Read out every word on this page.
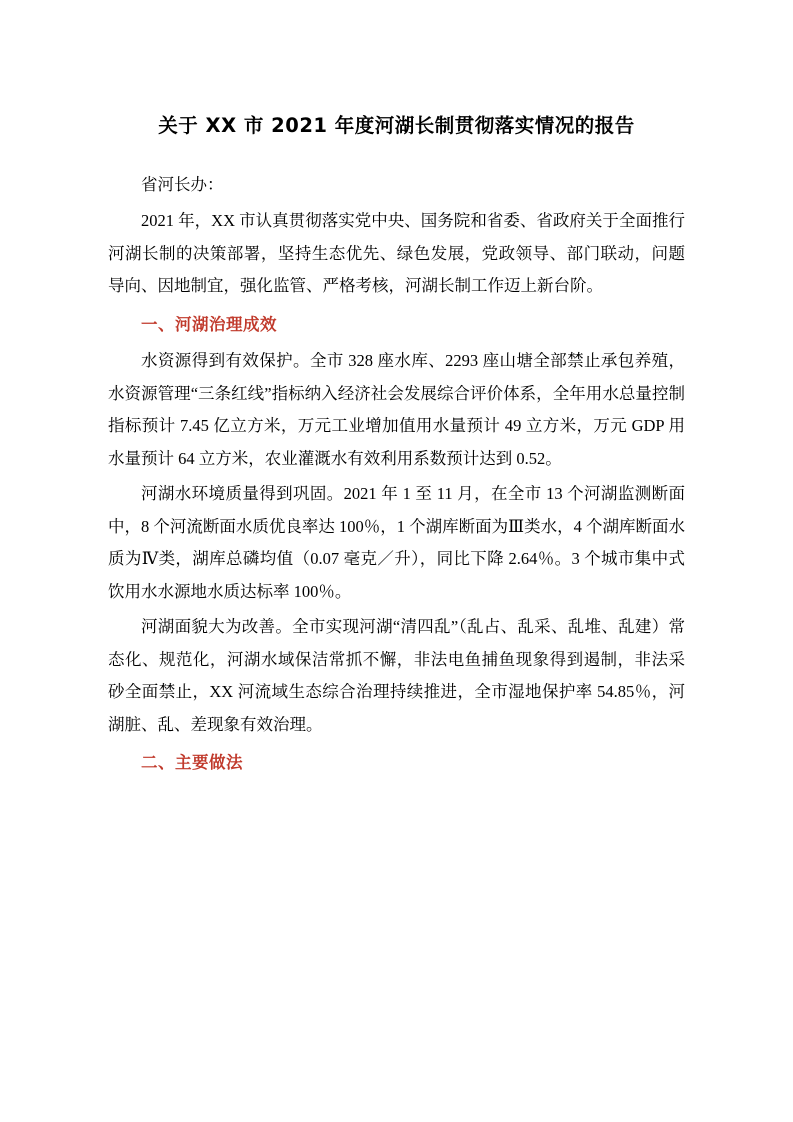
关于 XX 市 2021 年度河湖长制贯彻落实情况的报告

省河长办：

2021 年，XX 市认真贯彻落实党中央、国务院和省委、省政府关于全面推行河湖长制的决策部署，坚持生态优先、绿色发展，党政领导、部门联动，问题导向、因地制宜，强化监管、严格考核，河湖长制工作迈上新台阶。

一、河湖治理成效

水资源得到有效保护。全市 328 座水库、2293 座山塘全部禁止承包养殖，水资源管理“三条红线”指标纳入经济社会发展综合评价体系，全年用水总量控制指标预计 7.45 亿立方米，万元工业增加值用水量预计 49 立方米，万元 GDP 用水量预计 64 立方米，农业灌溉水有效利用系数预计达到 0.52。

河湖水环境质量得到巩固。2021 年 1 至 11 月，在全市 13 个河湖监测断面中，8 个河流断面水质优良率达 100％，1 个湖库断面为Ⅲ类水，4 个湖库断面水质为Ⅳ类，湖库总磷均值（0.07 毫克／升），同比下降 2.64％。3 个城市集中式饮用水水源地水质达标率 100％。

河湖面貌大为改善。全市实现河湖“清四乱”（乱占、乱采、乱堆、乱建）常态化、规范化，河湖水域保洁常抓不懈，非法电鱼捕鱼现象得到遏制，非法采砂全面禁止，XX 河流域生态综合治理持续推进，全市湿地保护率 54.85％，河湖脏、乱、差现象有效治理。

二、主要做法
